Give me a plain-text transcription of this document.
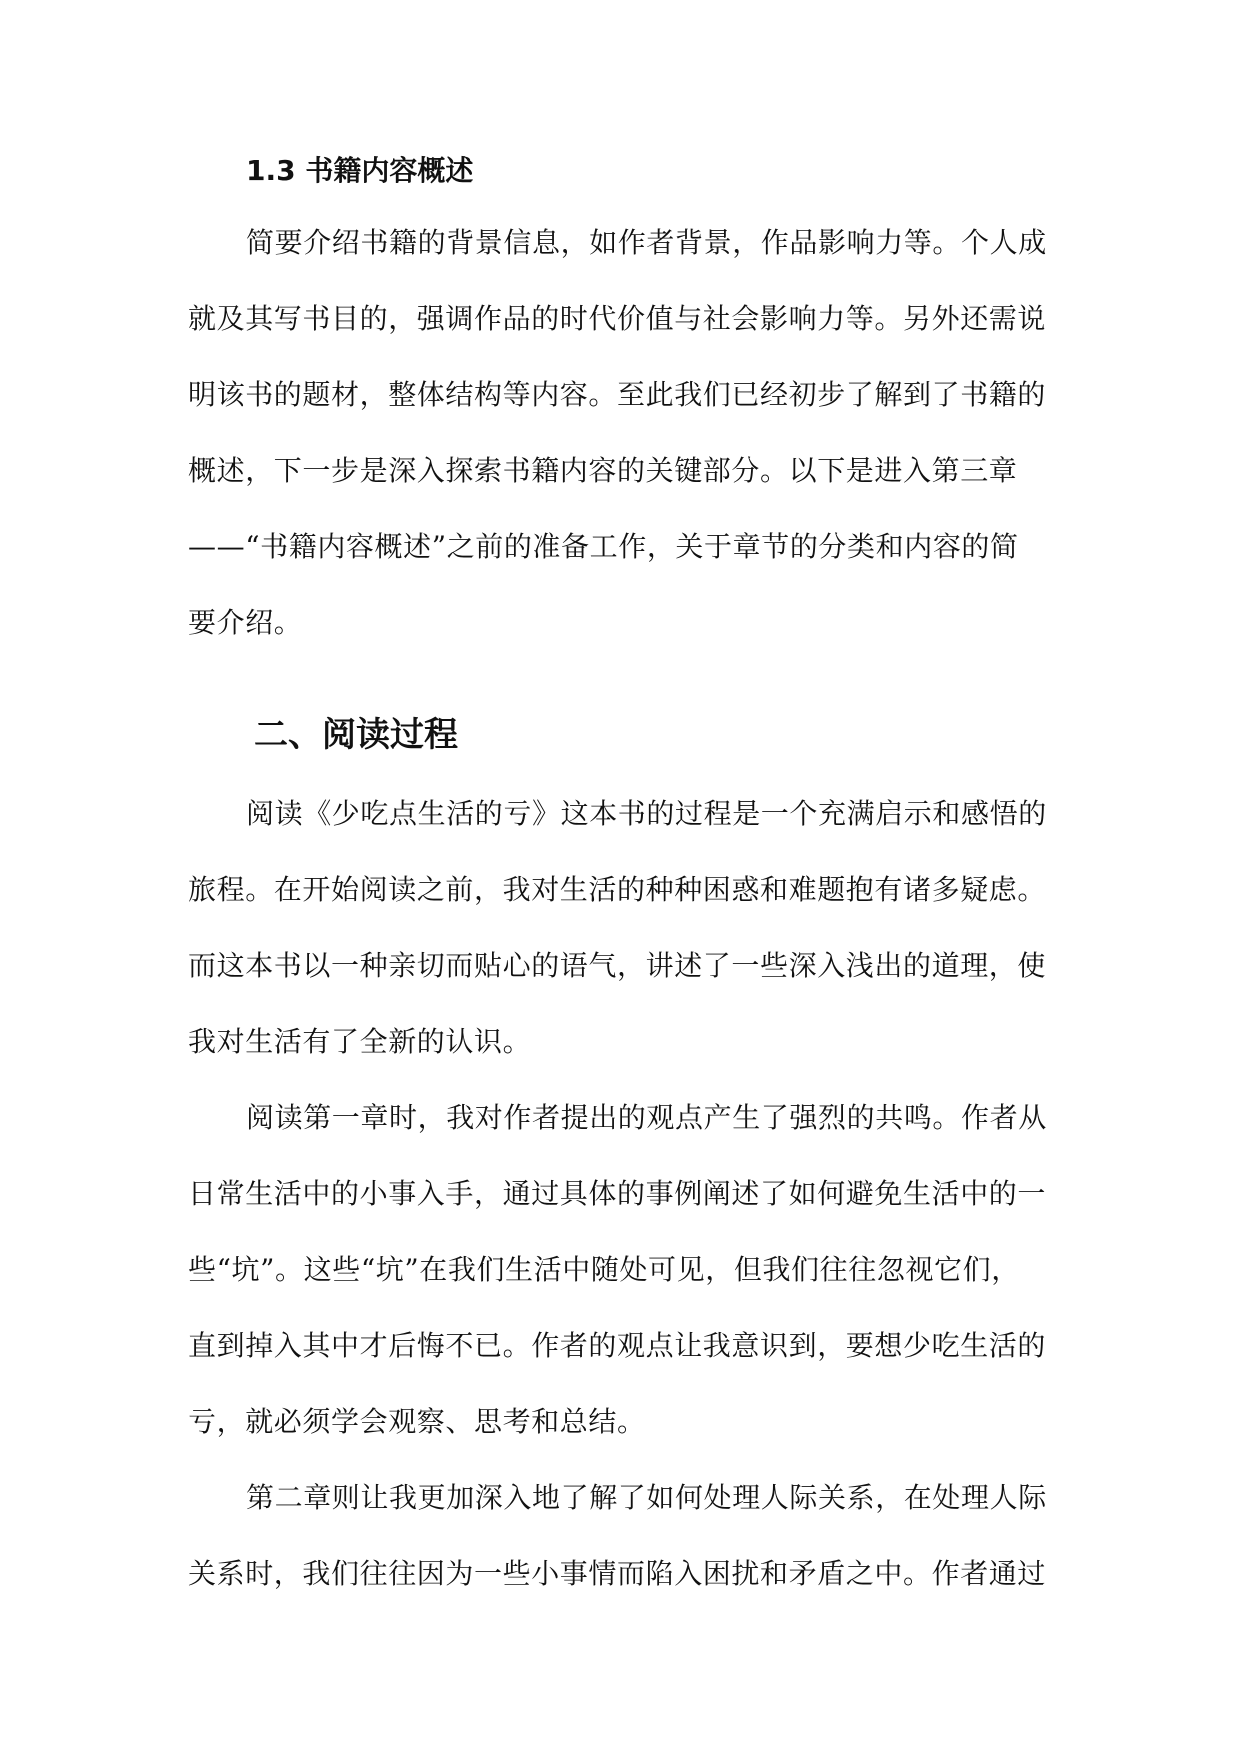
1.3 书籍内容概述
简要介绍书籍的背景信息，如作者背景，作品影响力等。个人成
就及其写书目的，强调作品的时代价值与社会影响力等。另外还需说
明该书的题材，整体结构等内容。至此我们已经初步了解到了书籍的
概述，下一步是深入探索书籍内容的关键部分。以下是进入第三章
——“书籍内容概述”之前的准备工作，关于章节的分类和内容的简
要介绍。
二、阅读过程
阅读《少吃点生活的亏》这本书的过程是一个充满启示和感悟的
旅程。在开始阅读之前，我对生活的种种困惑和难题抱有诸多疑虑。
而这本书以一种亲切而贴心的语气，讲述了一些深入浅出的道理，使
我对生活有了全新的认识。
阅读第一章时，我对作者提出的观点产生了强烈的共鸣。作者从
日常生活中的小事入手，通过具体的事例阐述了如何避免生活中的一
些“坑”。这些“坑”在我们生活中随处可见，但我们往往忽视它们，
直到掉入其中才后悔不已。作者的观点让我意识到，要想少吃生活的
亏，就必须学会观察、思考和总结。
第二章则让我更加深入地了解了如何处理人际关系，在处理人际
关系时，我们往往因为一些小事情而陷入困扰和矛盾之中。作者通过
